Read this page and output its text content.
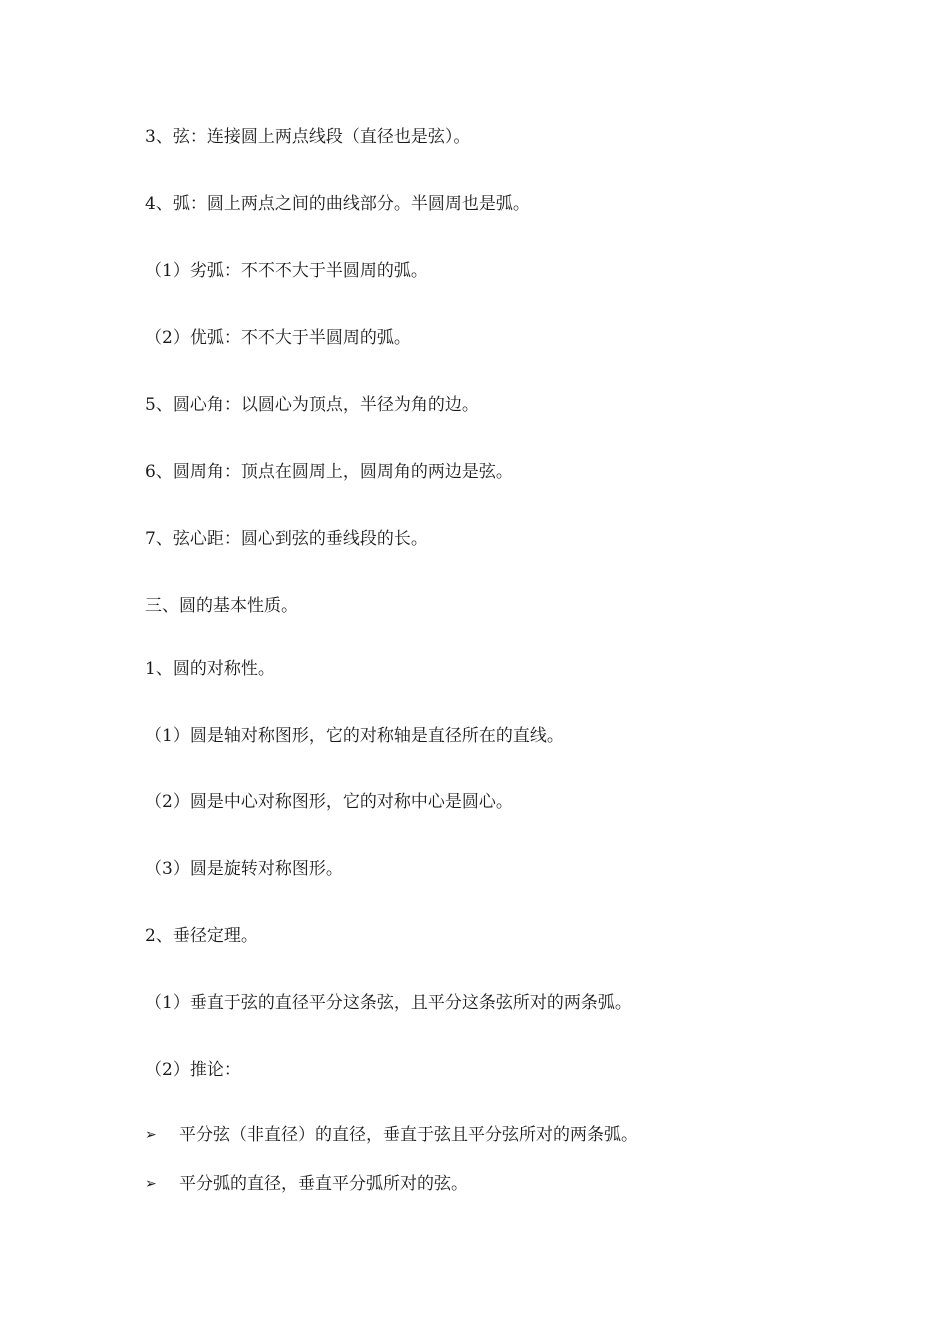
3、弦：连接圆上两点线段（直径也是弦）。
4、弧：圆上两点之间的曲线部分。半圆周也是弧。
（1）劣弧：不不不大于半圆周的弧。
（2）优弧：不不大于半圆周的弧。
5、圆心角：以圆心为顶点，半径为角的边。
6、圆周角：顶点在圆周上，圆周角的两边是弦。
7、弦心距：圆心到弦的垂线段的长。
三、圆的基本性质。
1、圆的对称性。
（1）圆是轴对称图形，它的对称轴是直径所在的直线。
（2）圆是中心对称图形，它的对称中心是圆心。
（3）圆是旋转对称图形。
2、垂径定理。
（1）垂直于弦的直径平分这条弦，且平分这条弦所对的两条弧。
（2）推论：
➢	平分弦（非直径）的直径，垂直于弦且平分弦所对的两条弧。
➢	平分弧的直径，垂直平分弧所对的弦。
